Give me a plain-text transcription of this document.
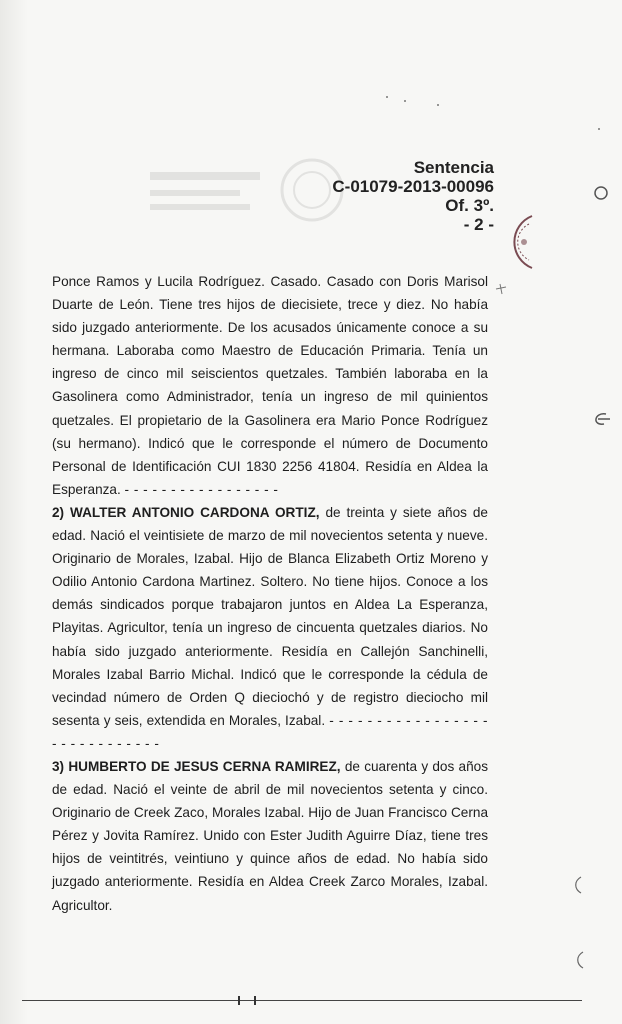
Sentencia
C-01079-2013-00096
Of. 3º.
- 2 -

Ponce Ramos y Lucila Rodríguez. Casado. Casado con Doris Marisol Duarte de León. Tiene tres hijos de diecisiete, trece y diez. No había sido juzgado anteriormente. De los acusados únicamente conoce a su hermana. Laboraba como Maestro de Educación Primaria. Tenía un ingreso de cinco mil seiscientos quetzales. También laboraba en la Gasolinera como Administrador, tenía un ingreso de mil quinientos quetzales. El propietario de la Gasolinera era Mario Ponce Rodríguez (su hermano). Indicó que le corresponde el número de Documento Personal de Identificación CUI 1830 2256 41804. Residía en Aldea la Esperanza. - - - - - - - - - - - - - - - - -

2) WALTER ANTONIO CARDONA ORTIZ, de treinta y siete años de edad. Nació el veintisiete de marzo de mil novecientos setenta y nueve. Originario de Morales, Izabal. Hijo de Blanca Elizabeth Ortiz Moreno y Odilio Antonio Cardona Martinez. Soltero. No tiene hijos. Conoce a los demás sindicados porque trabajaron juntos en Aldea La Esperanza, Playitas. Agricultor, tenía un ingreso de cincuenta quetzales diarios. No había sido juzgado anteriormente. Residía en Callejón Sanchinelli, Morales Izabal Barrio Michal. Indicó que le corresponde la cédula de vecindad número de Orden Q dieciochó y de registro dieciocho mil sesenta y seis, extendida en Morales, Izabal. - - - - - - - - - - - - - - - - - - - - - - - - - - - - -

3) HUMBERTO DE JESUS CERNA RAMIREZ, de cuarenta y dos años de edad. Nació el veinte de abril de mil novecientos setenta y cinco. Originario de Creek Zaco, Morales Izabal. Hijo de Juan Francisco Cerna Pérez y Jovita Ramírez. Unido con Ester Judith Aguirre Díaz, tiene tres hijos de veintitrés, veintiuno y quince años de edad. No había sido juzgado anteriormente. Residía en Aldea Creek Zarco Morales, Izabal. Agricultor.
